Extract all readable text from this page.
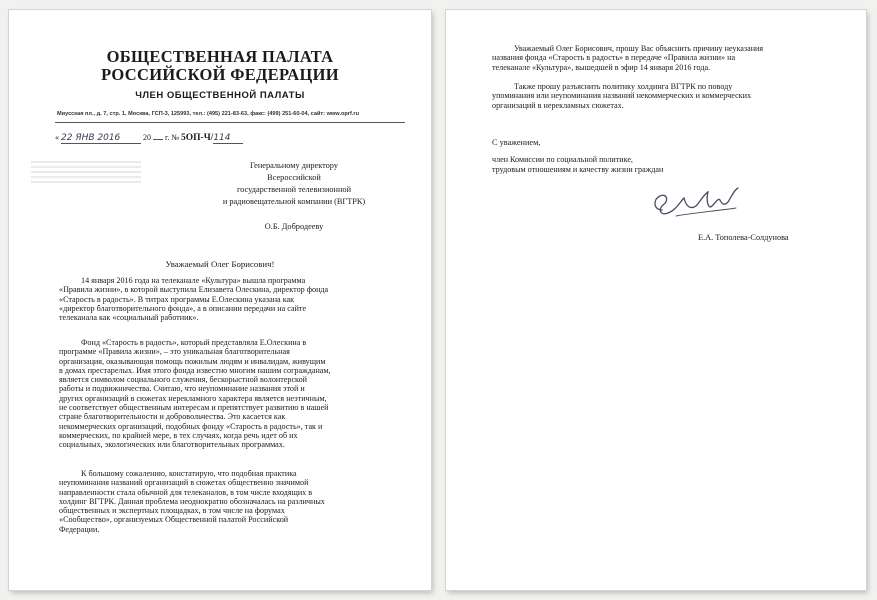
ОБЩЕСТВЕННАЯ ПАЛАТА
РОССИЙСКОЙ ФЕДЕРАЦИИ
ЧЛЕН ОБЩЕСТВЕННОЙ ПАЛАТЫ
Миусская пл., д. 7, стр. 1, Москва, ГСП-3, 125993, тел.: (495) 221-83-63, факс: (499) 251-60-04, сайт: www.oprf.ru
« 22 ЯНВ 2016	20 г. № 5ОП-Ч/114
Генеральному директору
Всероссийской
государственной телевизионной
и радиовещательной компании (ВГТРК)
О.Б. Добродееву
Уважаемый Олег Борисович!
14 января 2016 года на телеканале «Культура» вышла программа
«Правила жизни», в которой выступила Елизавета Олескина, директор фонда
«Старость в радость». В титрах программы Е.Олескина указана как
«директор благотворительного фонда», а в описании передачи на сайте
телеканала как «социальный работник».
Фонд «Старость в радость», который представляла Е.Олескина в
программе «Правила жизни», – это уникальная благотворительная
организация, оказывающая помощь пожилым людям и инвалидам, живущим
в домах престарелых. Имя этого фонда известно многим нашим согражданам,
является символом социального служения, бескорыстной волонтерской
работы и подвижничества. Считаю, что неупоминание названия этой и
других организаций в сюжетах нерекламного характера является неэтичным,
не соответствует общественным интересам и препятствует развитию в нашей
стране благотворительности и добровольчества. Это касается как
некоммерческих организаций, подобных фонду «Старость в радость», так и
коммерческих, по крайней мере, в тех случаях, когда речь идет об их
социальных, экологических или благотворительных программах.
К большому сожалению, констатирую, что подобная практика
неупоминания названий организаций в сюжетах общественно значимой
направленности стала обычной для телеканалов, в том числе входящих в
холдинг ВГТРК. Данная проблема неоднократно обозначалась на различных
общественных и экспертных площадках, в том числе на форумах
«Сообщество», организуемых Общественной палатой Российской
Федерации.
Уважаемый Олег Борисович, прошу Вас объяснить причину неуказания
названия фонда «Старость в радость» в передаче «Правила жизни» на
телеканале «Культура», вышедшей в эфир 14 января 2016 года.
Также прошу разъяснить политику холдинга ВГТРК по поводу
упоминания или неупоминания названий некоммерческих и коммерческих
организаций в нерекламных сюжетах.
С уважением,
член Комиссии по социальной политике,
трудовым отношениям и качеству жизни граждан
Е.А. Тополева-Солдунова
